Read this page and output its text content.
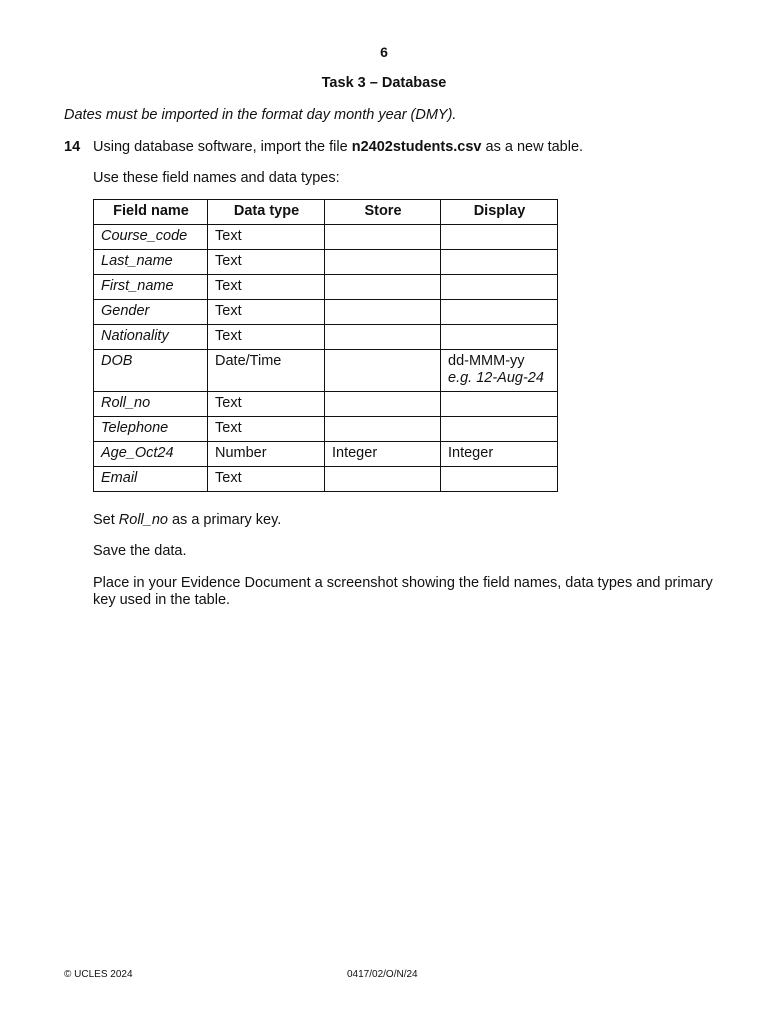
6
Task 3 – Database
Dates must be imported in the format day month year (DMY).
14 Using database software, import the file n2402students.csv as a new table.
Use these field names and data types:
Field name	Data type	Store	Display
Course_code	Text		
Last_name	Text		
First_name	Text		
Gender	Text		
Nationality	Text		
DOB	Date/Time		dd-MMM-yy
e.g. 12-Aug-24

Roll_no	Text		
Telephone	Text		
Age_Oct24	Number	Integer	Integer
Email	Text		
Set Roll_no as a primary key.
Save the data.
Place in your Evidence Document a screenshot showing the field names, data types and primary key used in the table.
© UCLES 2024	0417/02/O/N/24
